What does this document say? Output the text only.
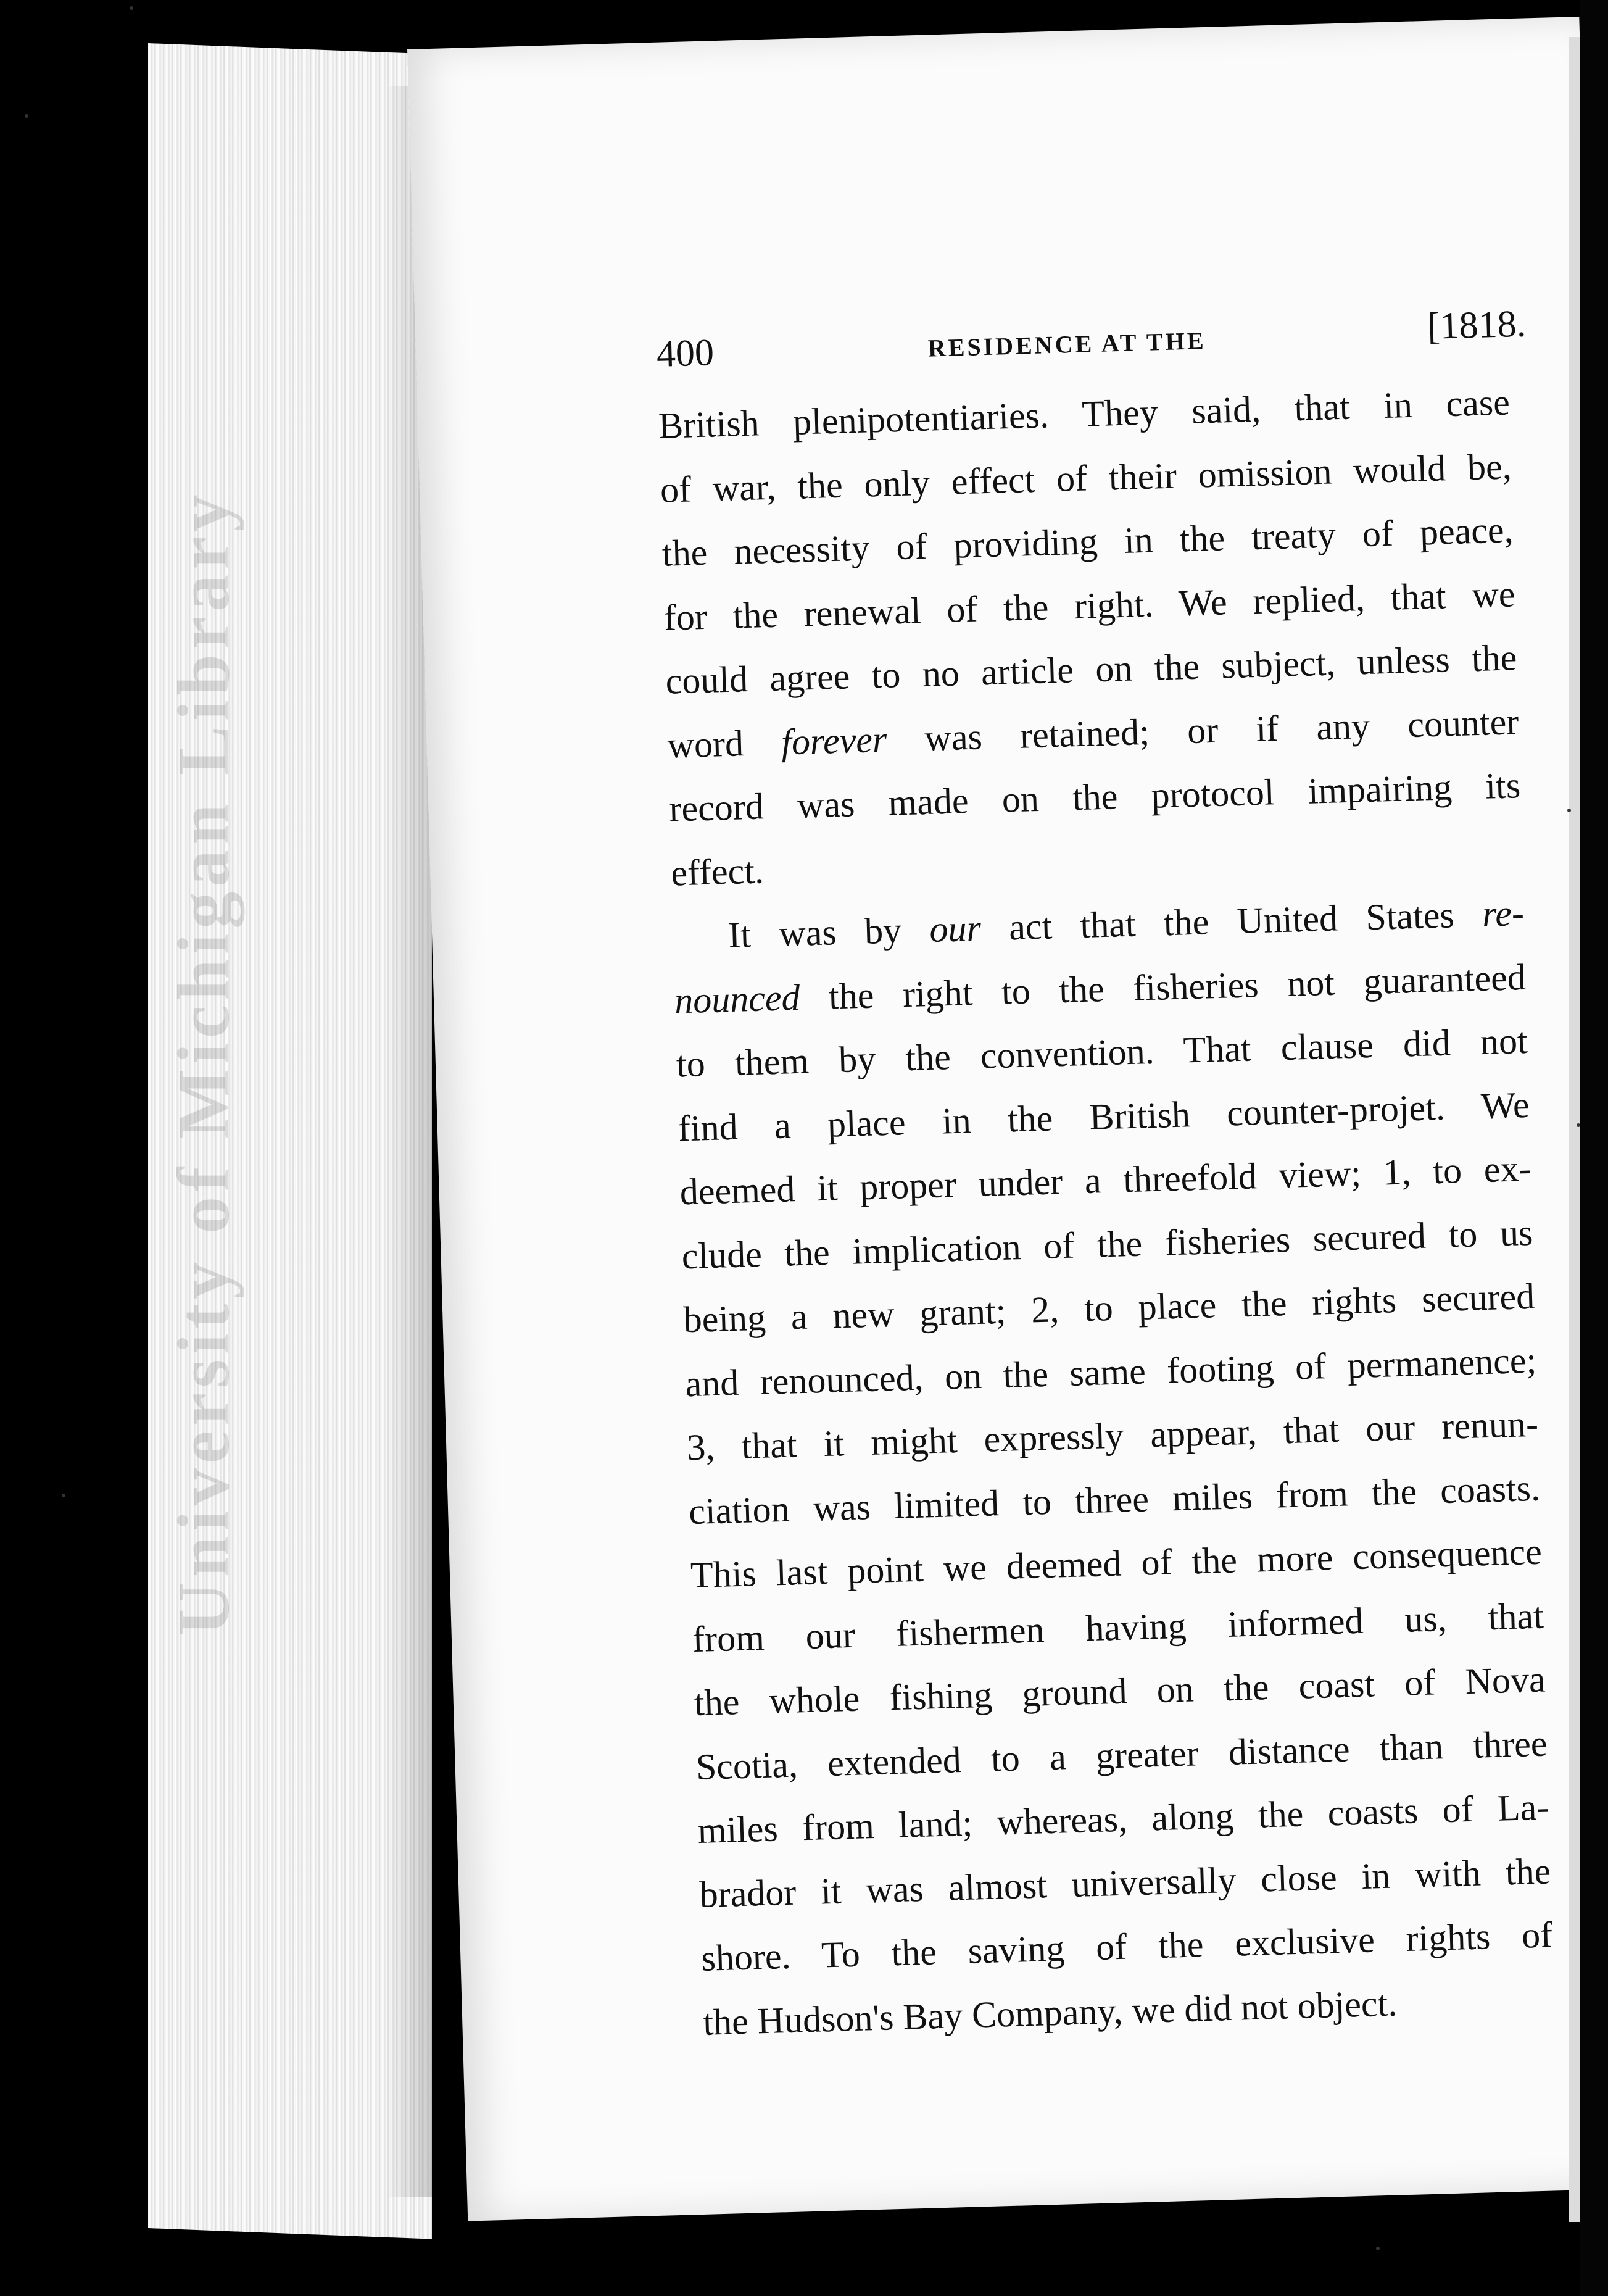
University of Michigan Library
400	RESIDENCE AT THE	[1818.
British plenipotentiaries. They said, that in case
of war, the only effect of their omission would be,
the necessity of providing in the treaty of peace,
for the renewal of the right. We replied, that we
could agree to no article on the subject, unless the
word forever was retained; or if any counter
record was made on the protocol impairing its
effect.
It was by our act that the United States re-
nounced the right to the fisheries not guaranteed
to them by the convention. That clause did not
find a place in the British counter-projet. We
deemed it proper under a threefold view; 1, to ex-
clude the implication of the fisheries secured to us
being a new grant; 2, to place the rights secured
and renounced, on the same footing of permanence;
3, that it might expressly appear, that our renun-
ciation was limited to three miles from the coasts.
This last point we deemed of the more consequence
from our fishermen having informed us, that
the whole fishing ground on the coast of Nova
Scotia, extended to a greater distance than three
miles from land; whereas, along the coasts of La-
brador it was almost universally close in with the
shore. To the saving of the exclusive rights of
the Hudson's Bay Company, we did not object.
